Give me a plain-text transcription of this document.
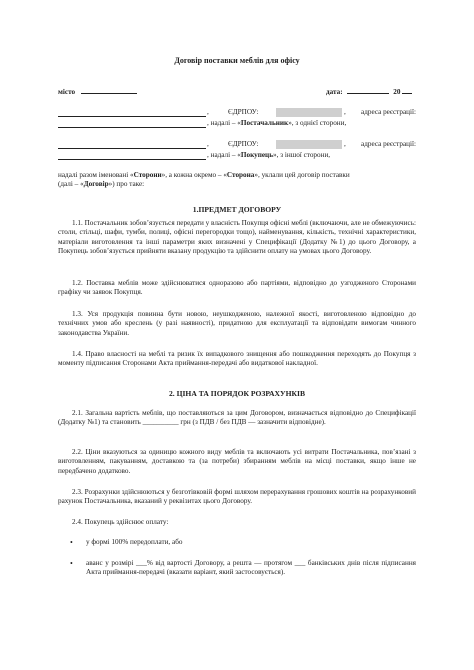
Договір поставки меблів для офісу
місто	дата:	20
,	ЄДРПОУ:	, адреса реєстрації:
, надалі – «Постачальник», з однієї сторони,
,	ЄДРПОУ:	, адреса реєстрації:
, надалі – «Покупець», з іншої сторони,
надалі разом іменовані «Сторони», а кожна окремо – «Сторона», уклали цей договір поставки
(далі – «Договір») про таке:
1.ПРЕДМЕТ ДОГОВОРУ
1.1. Постачальник зобов’язується передати у власність Покупця офісні меблі (включаючи, але не обмежуючись: столи, стільці, шафи, тумби, полиці, офісні перегородки тощо), найменування, кількість, технічні характеристики, матеріали виготовлення та інші параметри яких визначені у Специфікації (Додатку №1) до цього Договору, а Покупець зобов’язується прийняти вказану продукцію та здійснити оплату на умовах цього Договору.
1.2. Поставка меблів може здійснюватися одноразово або партіями, відповідно до узгодженого Сторонами графіку чи заявок Покупця.
1.3. Уся продукція повинна бути новою, неушкодженою, належної якості, виготовленою відповідно до технічних умов або креслень (у разі наявності), придатною для експлуатації та відповідати вимогам чинного законодавства України.
1.4. Право власності на меблі та ризик їх випадкового знищення або пошкодження переходять до Покупця з моменту підписання Сторонами Акта приймання-передачі або видаткової накладної.
2. ЦІНА ТА ПОРЯДОК РОЗРАХУНКІВ
2.1. Загальна вартість меблів, що поставляються за цим Договором, визначається відповідно до Специфікації (Додатку №1) та становить __________ грн (з ПДВ / без ПДВ — зазначити відповідне).
2.2. Ціни вказуються за одиницю кожного виду меблів та включають усі витрати Постачальника, пов’язані з виготовленням, пакуванням, доставкою та (за потреби) збиранням меблів на місці поставки, якщо інше не передбачено додатково.
2.3. Розрахунки здійснюються у безготівковій формі шляхом перерахування грошових коштів на розрахунковий рахунок Постачальника, вказаний у реквізитах цього Договору.
2.4. Покупець здійснює оплату:
• у формі 100% передоплати, або
• аванс у розмірі ___% від вартості Договору, а решта — протягом ___ банківських днів після підписання Акта приймання-передачі (вказати варіант, який застосовується).
